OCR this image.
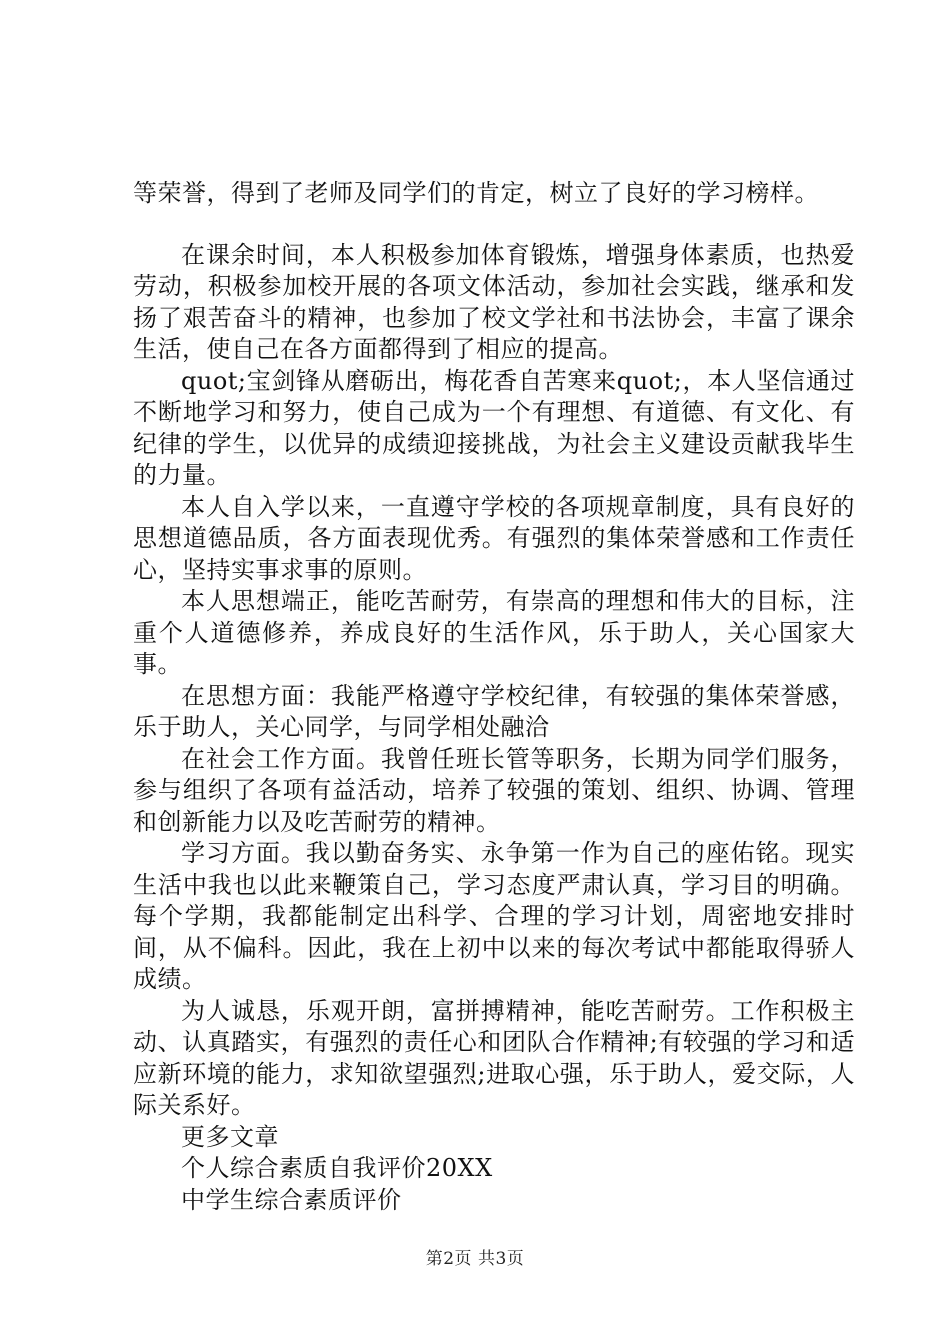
等荣誉，得到了老师及同学们的肯定，树立了良好的学习榜样。

在课余时间，本人积极参加体育锻炼，增强身体素质，也热爱劳动，积极参加校开展的各项文体活动，参加社会实践，继承和发扬了艰苦奋斗的精神，也参加了校文学社和书法协会，丰富了课余生活，使自己在各方面都得到了相应的提高。

quot;宝剑锋从磨砺出，梅花香自苦寒来quot;，本人坚信通过不断地学习和努力，使自己成为一个有理想、有道德、有文化、有纪律的学生，以优异的成绩迎接挑战，为社会主义建设贡献我毕生的力量。

本人自入学以来，一直遵守学校的各项规章制度，具有良好的思想道德品质，各方面表现优秀。有强烈的集体荣誉感和工作责任心，坚持实事求事的原则。

本人思想端正，能吃苦耐劳，有崇高的理想和伟大的目标，注重个人道德修养，养成良好的生活作风，乐于助人，关心国家大事。

在思想方面：我能严格遵守学校纪律，有较强的集体荣誉感，乐于助人，关心同学，与同学相处融洽

在社会工作方面。我曾任班长管等职务，长期为同学们服务，参与组织了各项有益活动，培养了较强的策划、组织、协调、管理和创新能力以及吃苦耐劳的精神。

学习方面。我以勤奋务实、永争第一作为自己的座佑铭。现实生活中我也以此来鞭策自己，学习态度严肃认真，学习目的明确。每个学期，我都能制定出科学、合理的学习计划，周密地安排时间，从不偏科。因此，我在上初中以来的每次考试中都能取得骄人成绩。

为人诚恳，乐观开朗，富拼搏精神，能吃苦耐劳。工作积极主动、认真踏实，有强烈的责任心和团队合作精神;有较强的学习和适应新环境的能力，求知欲望强烈;进取心强，乐于助人，爱交际，人际关系好。

更多文章
个人综合素质自我评价20XX
中学生综合素质评价
第2页 共3页
